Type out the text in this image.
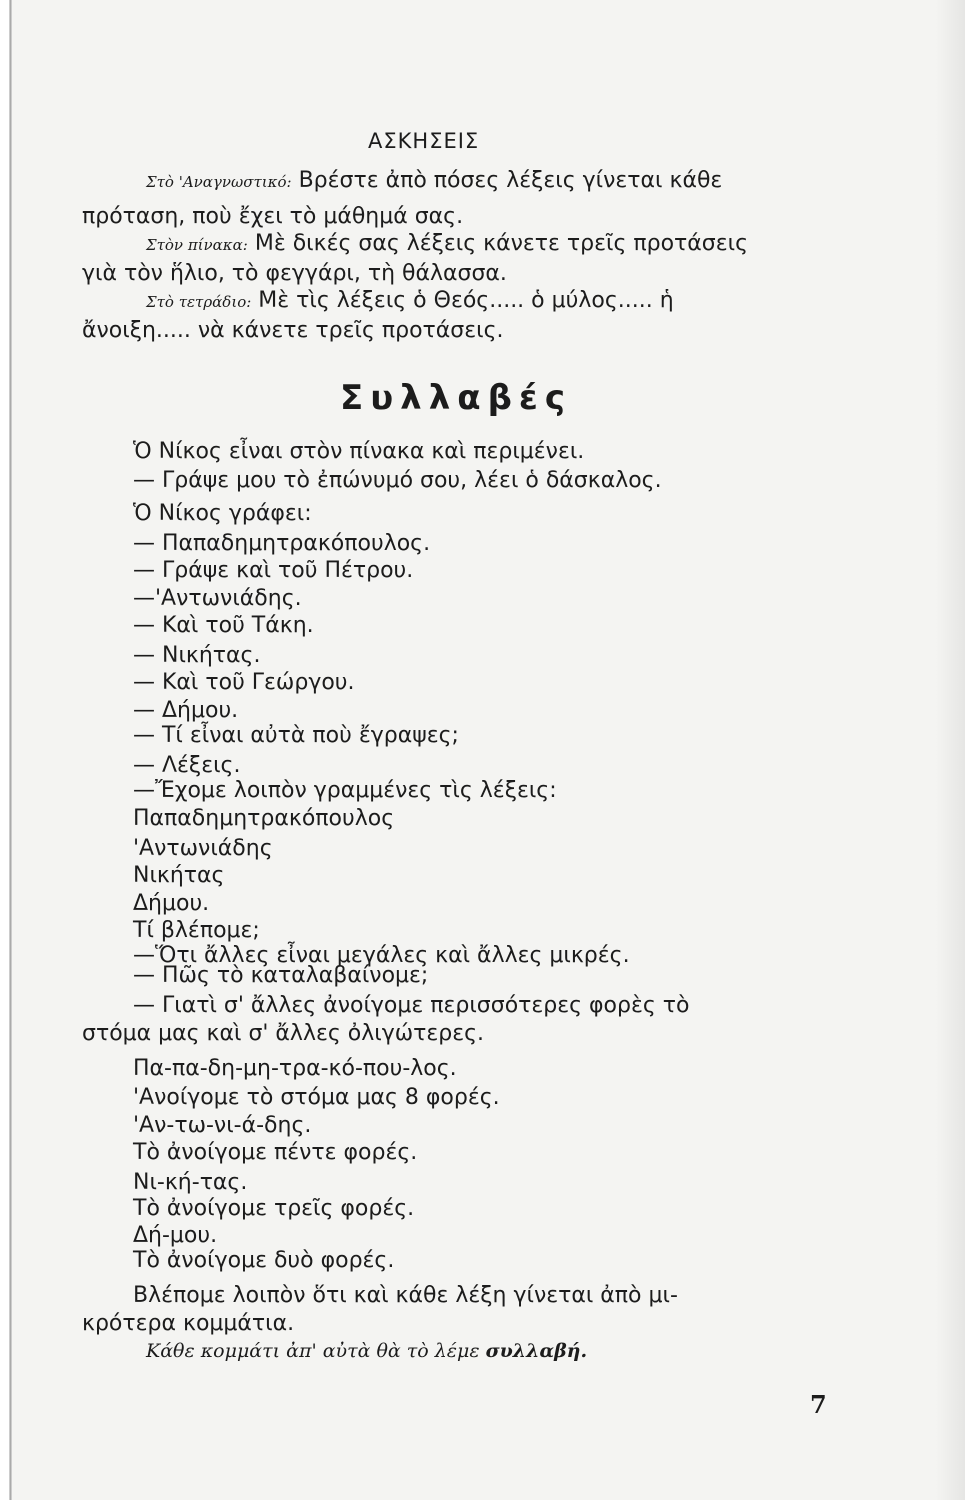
ΑΣΚΗΣΕΙΣ
Στὸ 'Αναγνωστικό: Βρέστε ἀπὸ πόσες λέξεις γίνεται κάθε
πρόταση, ποὺ ἔχει τὸ μάθημά σας.
Στὸν πίνακα: Μὲ δικές σας λέξεις κάνετε τρεῖς προτάσεις
γιὰ τὸν ἥλιο, τὸ φεγγάρι, τὴ θάλασσα.
Στὸ τετράδιο: Μὲ τὶς λέξεις ὁ Θεός..... ὁ μύλος..... ἡ
ἄνοιξη..... νὰ κάνετε τρεῖς προτάσεις.
Συλλαβές
Ὁ Νίκος εἶναι στὸν πίνακα καὶ περιμένει.
— Γράψε μου τὸ ἐπώνυμό σου, λέει ὁ δάσκαλος.
Ὁ Νίκος γράφει:
— Παπαδημητρακόπουλος.
— Γράψε καὶ τοῦ Πέτρου.
—'Αντωνιάδης.
— Καὶ τοῦ Τάκη.
— Νικήτας.
— Καὶ τοῦ Γεώργου.
— Δήμου.
— Τί εἶναι αὐτὰ ποὺ ἔγραψες;
— Λέξεις.
—Ἔχομε λοιπὸν γραμμένες τὶς λέξεις:
Παπαδημητρακόπουλος
'Αντωνιάδης
Νικήτας
Δήμου.
Τί βλέπομε;
—Ὅτι ἄλλες εἶναι μεγάλες καὶ ἄλλες μικρές.
— Πῶς τὸ καταλαβαίνομε;
— Γιατὶ σ' ἄλλες ἀνοίγομε περισσότερες φορὲς τὸ
στόμα μας καὶ σ' ἄλλες ὀλιγώτερες.
Πα-πα-δη-μη-τρα-κό-που-λος.
'Ανοίγομε τὸ στόμα μας 8 φορές.
'Αν-τω-νι-ά-δης.
Τὸ ἀνοίγομε πέντε φορές.
Νι-κή-τας.
Τὸ ἀνοίγομε τρεῖς φορές.
Δή-μου.
Τὸ ἀνοίγομε δυὸ φορές.
Βλέπομε λοιπὸν ὅτι καὶ κάθε λέξη γίνεται ἀπὸ μι-
κρότερα κομμάτια.
Κάθε κομμάτι ἀπ' αὐτὰ θὰ τὸ λέμε συλλαβή.
7
